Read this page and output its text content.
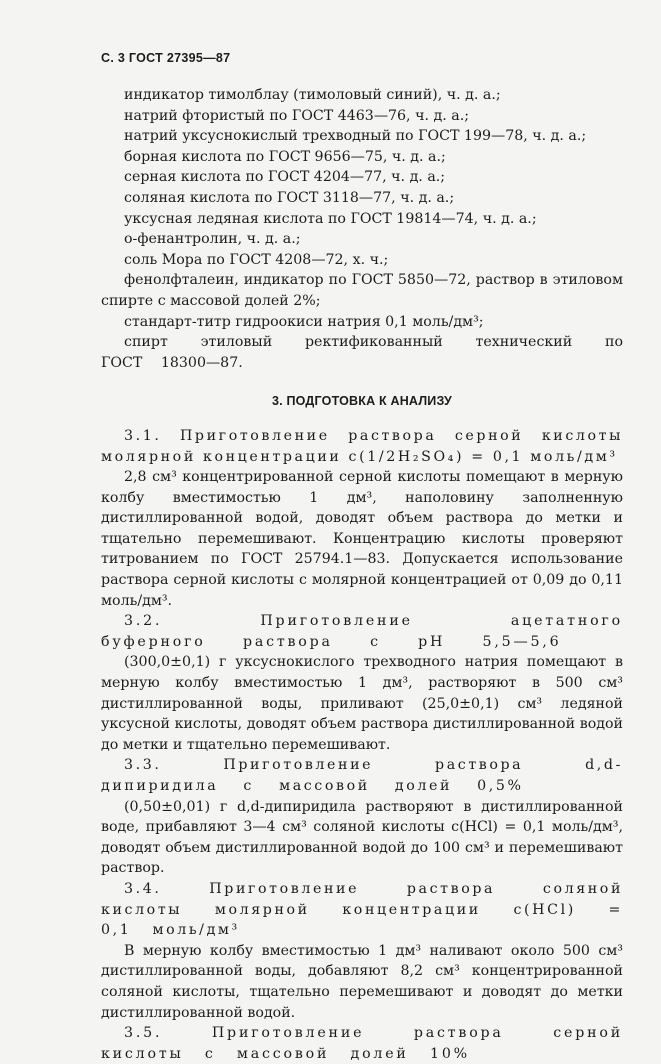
С. 3 ГОСТ 27395—87

индикатор тимолблау (тимоловый синий), ч. д. а.;

натрий фтористый по ГОСТ 4463—76, ч. д. а.;

натрий уксуснокислый трехводный по ГОСТ 199—78, ч. д. а.;

борная кислота по ГОСТ 9656—75, ч. д. а.;

серная кислота по ГОСТ 4204—77, ч. д. а.;

соляная кислота по ГОСТ 3118—77, ч. д. а.;

уксусная ледяная кислота по ГОСТ 19814—74, ч. д. а.;

о-фенантролин, ч. д. а.;

соль Мора по ГОСТ 4208—72, х. ч.;

фенолфталеин, индикатор по ГОСТ 5850—72, раствор в этиловом спирте с массовой долей 2%;

стандарт-титр гидроокиси натрия 0,1 моль/дм³;

спирт этиловый ректификованный технический по ГОСТ 18300—87.

3. ПОДГОТОВКА К АНАЛИЗУ

3.1. Приготовление раствора серной кислоты молярной концентрации c(1/2H₂SO₄) = 0,1 моль/дм³

2,8 см³ концентрированной серной кислоты помещают в мерную колбу вместимостью 1 дм³, наполовину заполненную дистиллированной водой, доводят объем раствора до метки и тщательно перемешивают. Концентрацию кислоты проверяют титрованием по ГОСТ 25794.1—83. Допускается использование раствора серной кислоты с молярной концентрацией от 0,09 до 0,11 моль/дм³.

3.2. Приготовление ацетатного буферного раствора с pH 5,5—5,6

(300,0±0,1) г уксуснокислого трехводного натрия помещают в мерную колбу вместимостью 1 дм³, растворяют в 500 см³ дистиллированной воды, приливают (25,0±0,1) см³ ледяной уксусной кислоты, доводят объем раствора дистиллированной водой до метки и тщательно перемешивают.

3.3. Приготовление раствора d,d-дипиридила с массовой долей 0,5%

(0,50±0,01) г d,d-дипиридила растворяют в дистиллированной воде, прибавляют 3—4 см³ соляной кислоты c(HCl) = 0,1 моль/дм³, доводят объем дистиллированной водой до 100 см³ и перемешивают раствор.

3.4. Приготовление раствора соляной кислоты молярной концентрации c(HCl) = 0,1 моль/дм³

В мерную колбу вместимостью 1 дм³ наливают около 500 см³ дистиллированной воды, добавляют 8,2 см³ концентрированной соляной кислоты, тщательно перемешивают и доводят до метки дистиллированной водой.

3.5. Приготовление раствора серной кислоты с массовой долей 10%
